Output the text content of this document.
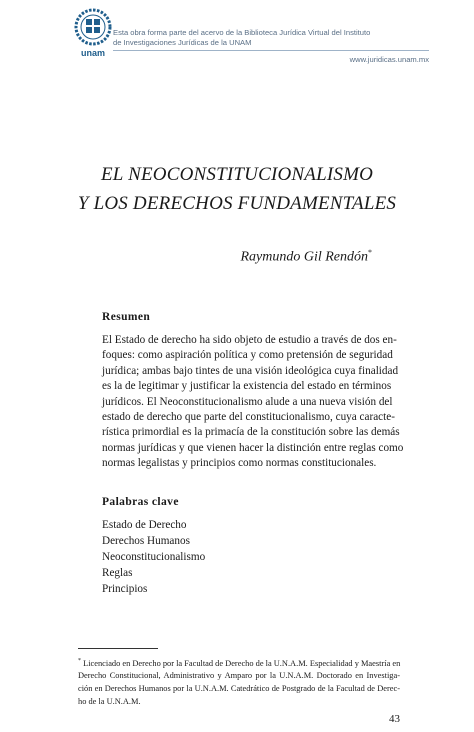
unam
Esta obra forma parte del acervo de la Biblioteca Jurídica Virtual del Instituto
de Investigaciones Jurídicas de la UNAM
www.juridicas.unam.mx
EL NEOCONSTITUCIONALISMO
Y LOS DERECHOS FUNDAMENTALES
Raymundo Gil Rendón*
Resumen
El Estado de derecho ha sido objeto de estudio a través de dos en-
foques: como aspiración política y como pretensión de seguridad
jurídica; ambas bajo tintes de una visión ideológica cuya finalidad
es la de legitimar y justificar la existencia del estado en términos
jurídicos. El Neoconstitucionalismo alude a una nueva visión del
estado de derecho que parte del constitucionalismo, cuya caracte-
rística primordial es la primacía de la constitución sobre las demás
normas jurídicas y que vienen hacer la distinción entre reglas como
normas legalistas y principios como normas constitucionales.
Palabras clave
Estado de Derecho
Derechos Humanos
Neoconstitucionalismo
Reglas
Principios
* Licenciado en Derecho por la Facultad de Derecho de la U.N.A.M. Especialidad y Maestría en
Derecho Constitucional, Administrativo y Amparo por la U.N.A.M. Doctorado en Investiga-
ción en Derechos Humanos por la U.N.A.M. Catedrático de Postgrado de la Facultad de Derec-
ho de la U.N.A.M.
43
